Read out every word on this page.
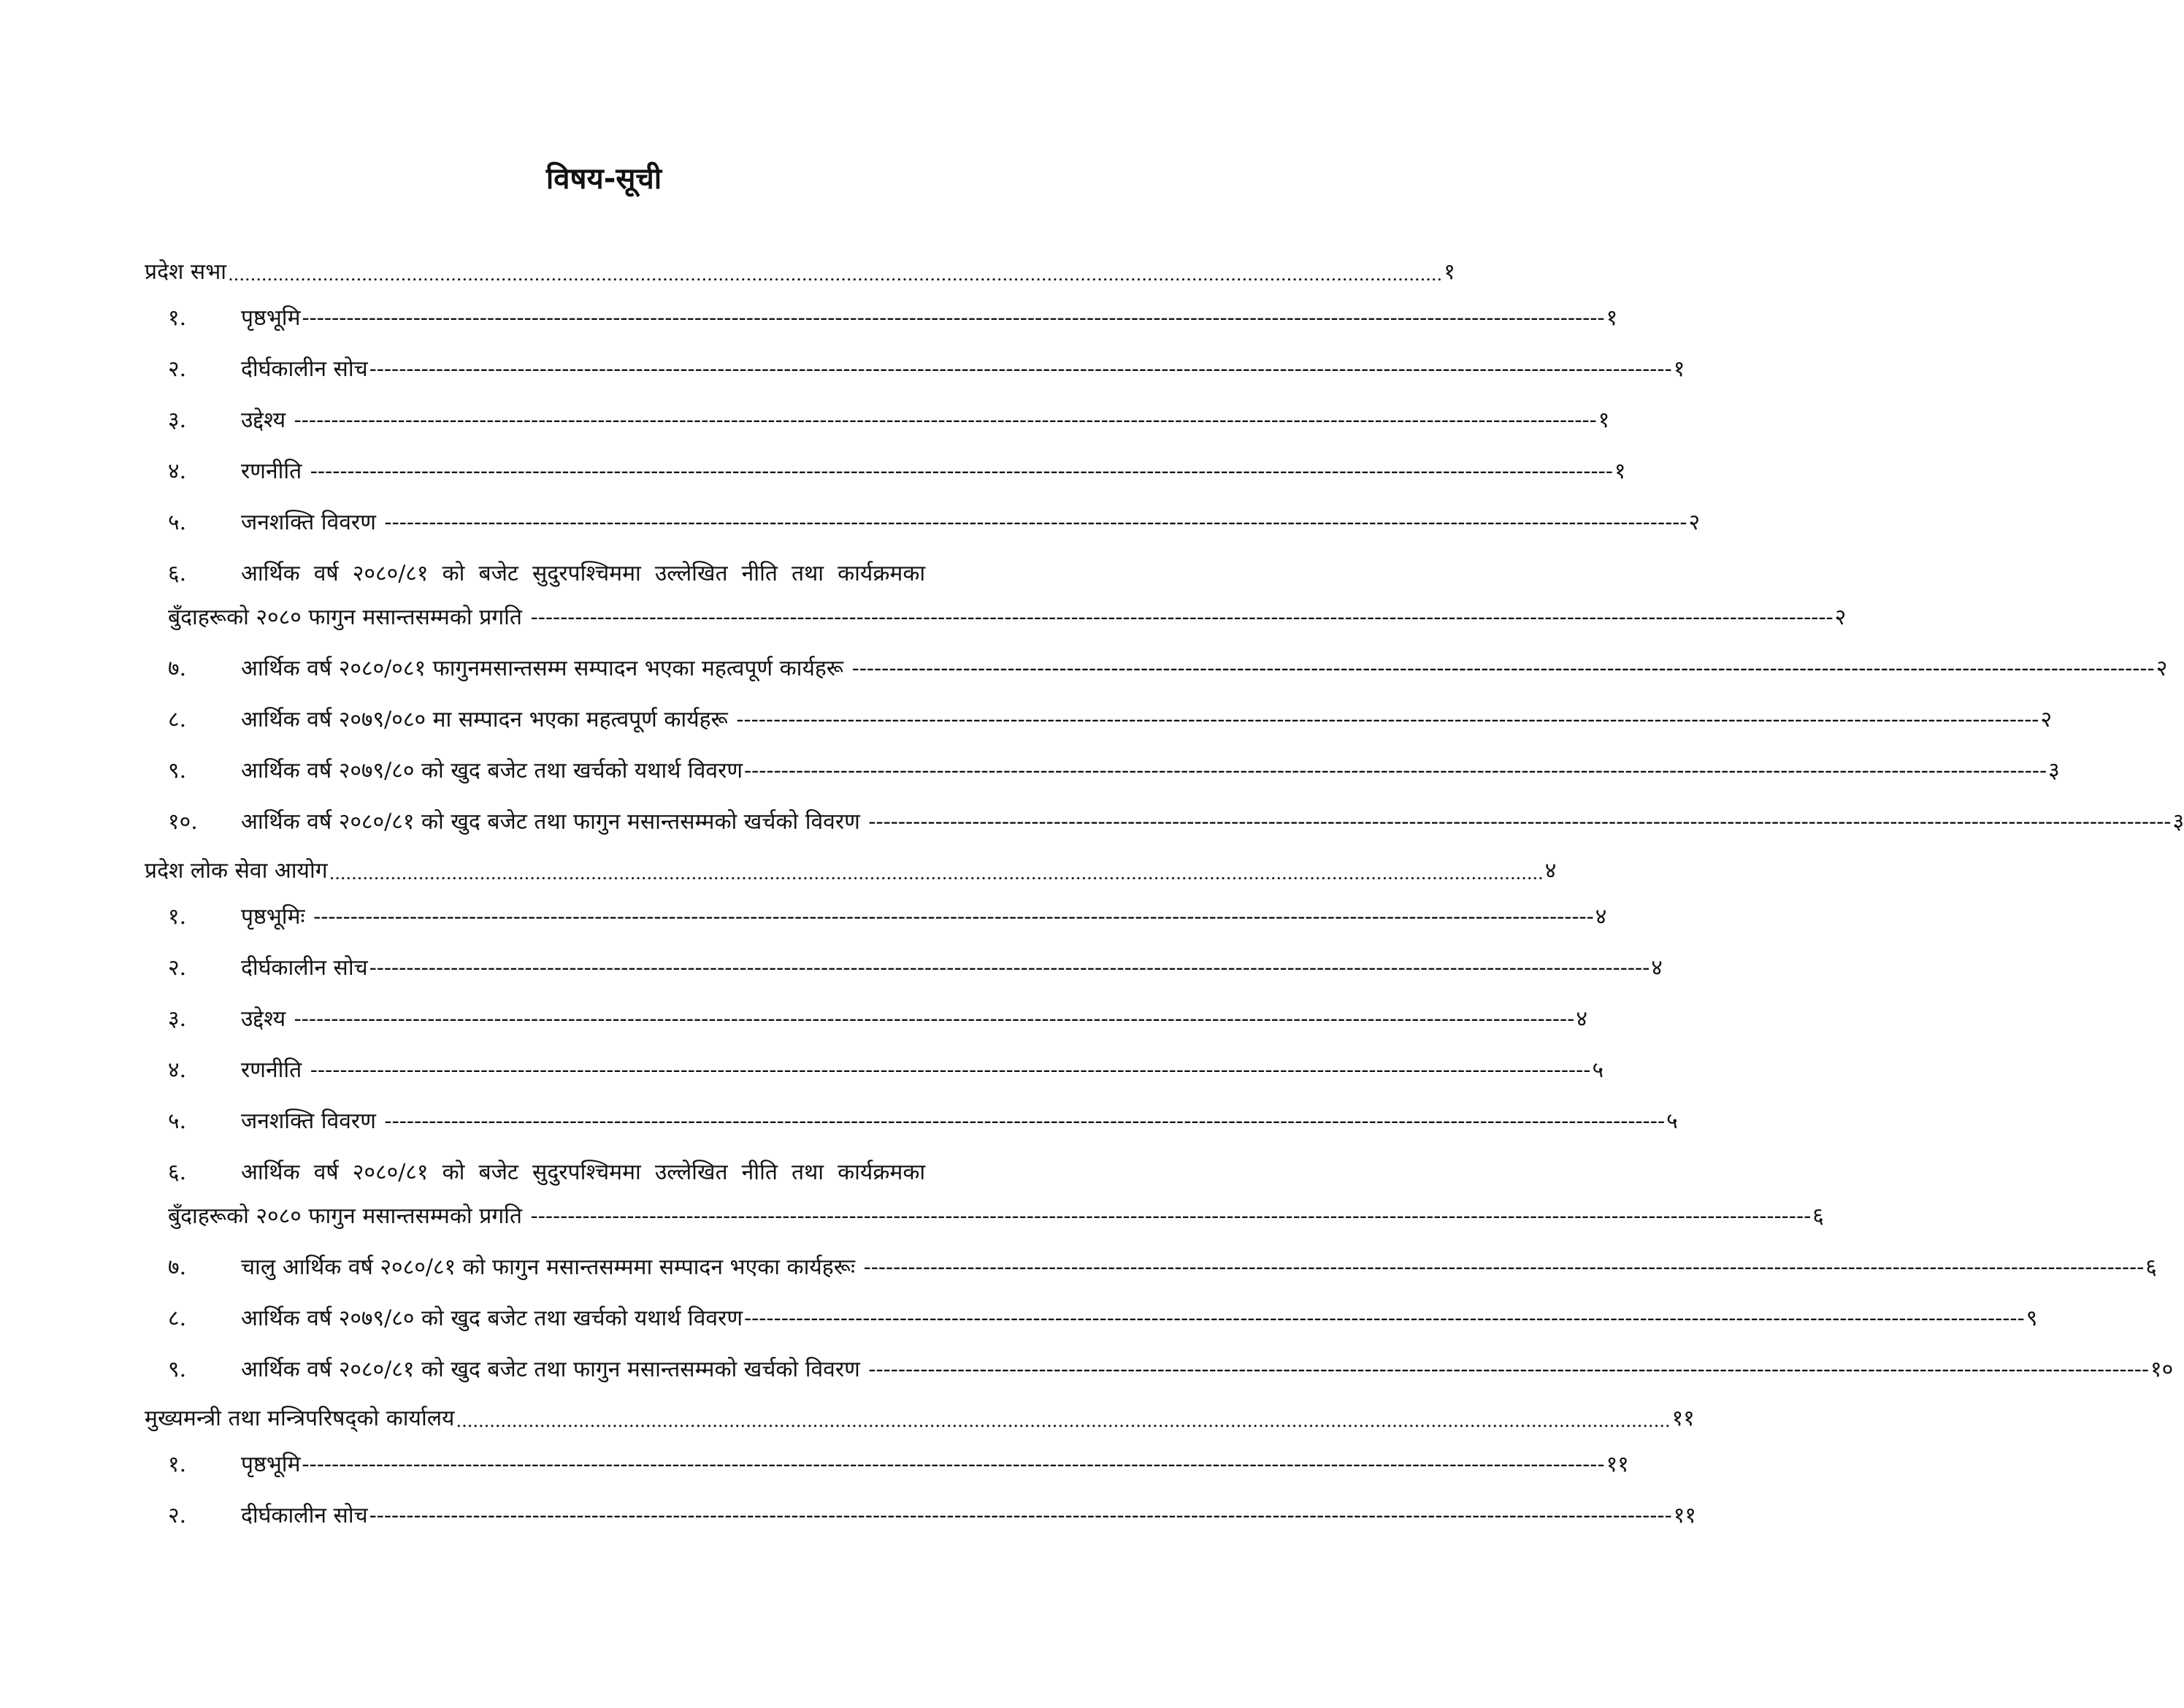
विषय-सूची
प्रदेश सभा .......................................................................................................................................................................................................................... १
१.	पृष्ठभूमि -------------------------------------------------------------------------------------------------------------------------------------------------------------------------------- १
२.	दीर्घकालीन सोच -------------------------------------------------------------------------------------------------------------------------------------------------------------------------------- १
३.	उद्देश्य -------------------------------------------------------------------------------------------------------------------------------------------------------------------------------- १
४.	रणनीति -------------------------------------------------------------------------------------------------------------------------------------------------------------------------------- १
५.	जनशक्ति विवरण -------------------------------------------------------------------------------------------------------------------------------------------------------------------------------- २
६.	आर्थिक  वर्ष  २०८०/८१  को  बजेट  सुदुरपश्चिममा  उल्लेखित  नीति  तथा  कार्यक्रमका
बुँदाहरूको २०८० फागुन मसान्तसम्मको प्रगति -------------------------------------------------------------------------------------------------------------------------------------------------------------------------------- २
७.	आर्थिक वर्ष २०८०/०८१ फागुनमसान्तसम्म सम्पादन भएका महत्वपूर्ण कार्यहरू -------------------------------------------------------------------------------------------------------------------------------------------------------------------------------- २
८.	आर्थिक वर्ष २०७९/०८० मा सम्पादन भएका महत्वपूर्ण कार्यहरू -------------------------------------------------------------------------------------------------------------------------------------------------------------------------------- २
९.	आर्थिक वर्ष २०७९/८० को खुद बजेट तथा खर्चको यथार्थ विवरण -------------------------------------------------------------------------------------------------------------------------------------------------------------------------------- ३
१०.	आर्थिक वर्ष २०८०/८१ को खुद बजेट तथा फागुन मसान्तसम्मको खर्चको विवरण -------------------------------------------------------------------------------------------------------------------------------------------------------------------------------- ३
प्रदेश लोक सेवा आयोग .......................................................................................................................................................................................................................... ४
१.	पृष्ठभूमिः ----------------------------------------------------------------------------------------------------------------------------------------------------------------------------- ४
२.	दीर्घकालीन सोच ----------------------------------------------------------------------------------------------------------------------------------------------------------------------------- ४
३.	उद्देश्य ----------------------------------------------------------------------------------------------------------------------------------------------------------------------------- ४
४.	रणनीति ----------------------------------------------------------------------------------------------------------------------------------------------------------------------------- ५
५.	जनशक्ति विवरण ----------------------------------------------------------------------------------------------------------------------------------------------------------------------------- ५
६.	आर्थिक  वर्ष  २०८०/८१  को  बजेट  सुदुरपश्चिममा  उल्लेखित  नीति  तथा  कार्यक्रमका
बुँदाहरूको २०८० फागुन मसान्तसम्मको प्रगति ----------------------------------------------------------------------------------------------------------------------------------------------------------------------------- ६
७.	चालु आर्थिक वर्ष २०८०/८१ को फागुन मसान्तसम्ममा सम्पादन भएका कार्यहरूः ----------------------------------------------------------------------------------------------------------------------------------------------------------------------------- ६
८.	आर्थिक वर्ष २०७९/८० को खुद बजेट तथा खर्चको यथार्थ विवरण ----------------------------------------------------------------------------------------------------------------------------------------------------------------------------- ९
९.	आर्थिक वर्ष २०८०/८१ को खुद बजेट तथा फागुन मसान्तसम्मको खर्चको विवरण ----------------------------------------------------------------------------------------------------------------------------------------------------------------------------- १०
मुख्यमन्त्री तथा मन्त्रिपरिषद्को कार्यालय .......................................................................................................................................................................................................................... ११
१.	पृष्ठभूमि -------------------------------------------------------------------------------------------------------------------------------------------------------------------------------- ११
२.	दीर्घकालीन सोच -------------------------------------------------------------------------------------------------------------------------------------------------------------------------------- ११
